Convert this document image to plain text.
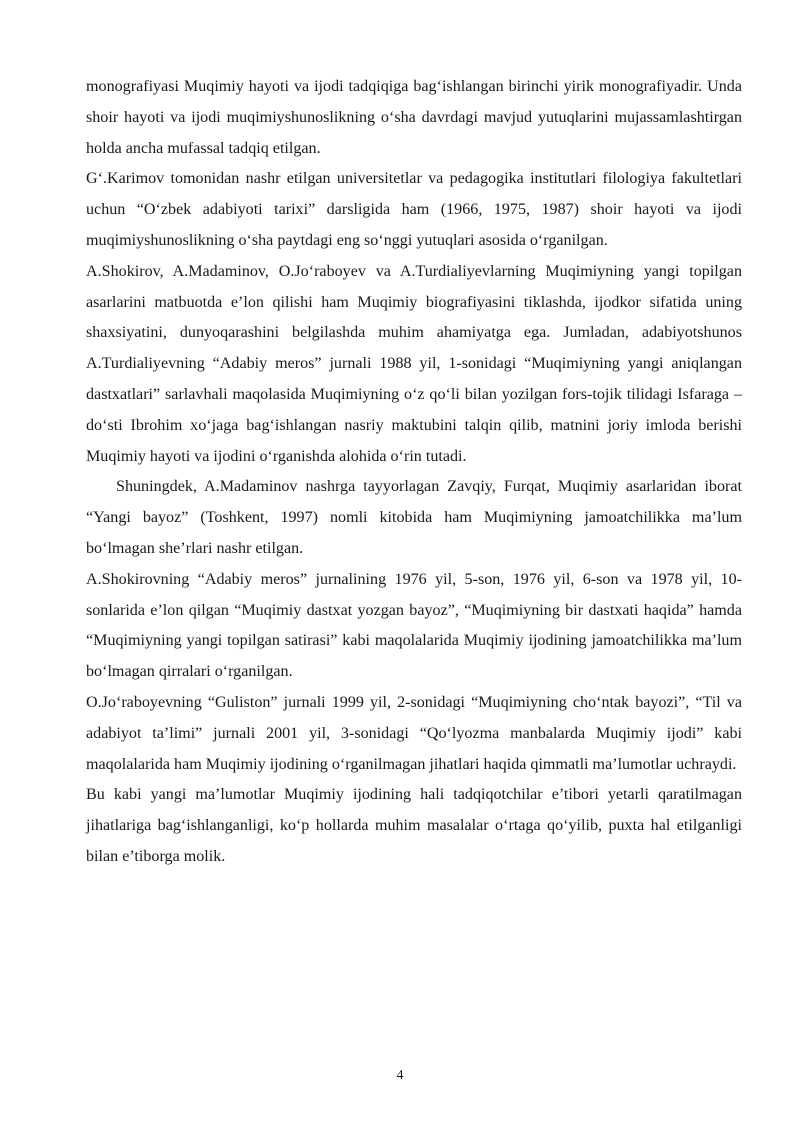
monografiyasi Muqimiy hayoti va ijodi tadqiqiga bag‘ishlangan birinchi yirik monografiyadir. Unda shoir hayoti va ijodi muqimiyshunoslikning o‘sha davrdagi mavjud yutuqlarini mujassamlashtirgan holda ancha mufassal tadqiq etilgan.

G‘.Karimov tomonidan nashr etilgan universitetlar va pedagogika institutlari filologiya fakultetlari uchun “O‘zbek adabiyoti tarixi” darsligida ham (1966, 1975, 1987) shoir hayoti va ijodi muqimiyshunoslikning o‘sha paytdagi eng so‘nggi yutuqlari asosida o‘rganilgan.

A.Shokirov, A.Madaminov, O.Jo‘raboyev va A.Turdialiyevlarning Muqimiyning yangi topilgan asarlarini matbuotda e’lon qilishi ham Muqimiy biografiyasini tiklashda, ijodkor sifatida uning shaxsiyatini, dunyoqarashini belgilashda muhim ahamiyatga ega. Jumladan, adabiyotshunos A.Turdialiyevning “Adabiy meros” jurnali 1988 yil, 1-sonidagi “Muqimiyning yangi aniqlangan dastxatlari” sarlavhali maqolasida Muqimiyning o‘z qo‘li bilan yozilgan fors-tojik tilidagi Isfaraga – do‘sti Ibrohim xo‘jaga bag‘ishlangan nasriy maktubini talqin qilib, matnini joriy imloda berishi Muqimiy hayoti va ijodini o‘rganishda alohida o‘rin tutadi.

Shuningdek, A.Madaminov nashrga tayyorlagan Zavqiy, Furqat, Muqimiy asarlaridan iborat “Yangi bayoz” (Toshkent, 1997) nomli kitobida ham Muqimiyning jamoatchilikka ma’lum bo‘lmagan she’rlari nashr etilgan.

A.Shokirovning “Adabiy meros” jurnalining 1976 yil, 5-son, 1976 yil, 6-son va 1978 yil, 10-sonlarida e’lon qilgan “Muqimiy dastxat yozgan bayoz”, “Muqimiyning bir dastxati haqida” hamda “Muqimiyning yangi topilgan satirasi” kabi maqolalarida Muqimiy ijodining jamoatchilikka ma’lum bo‘lmagan qirralari o‘rganilgan.

O.Jo‘raboyevning “Guliston” jurnali 1999 yil, 2-sonidagi “Muqimiyning cho‘ntak bayozi”, “Til va adabiyot ta’limi” jurnali 2001 yil, 3-sonidagi “Qo‘lyozma manbalarda Muqimiy ijodi” kabi maqolalarida ham Muqimiy ijodining o‘rganilmagan jihatlari haqida qimmatli ma’lumotlar uchraydi.

Bu kabi yangi ma’lumotlar Muqimiy ijodining hali tadqiqotchilar e’tibori yetarli qaratilmagan jihatlariga bag‘ishlanganligi, ko‘p hollarda muhim masalalar o‘rtaga qo‘yilib, puxta hal etilganligi bilan e’tiborga molik.

4
